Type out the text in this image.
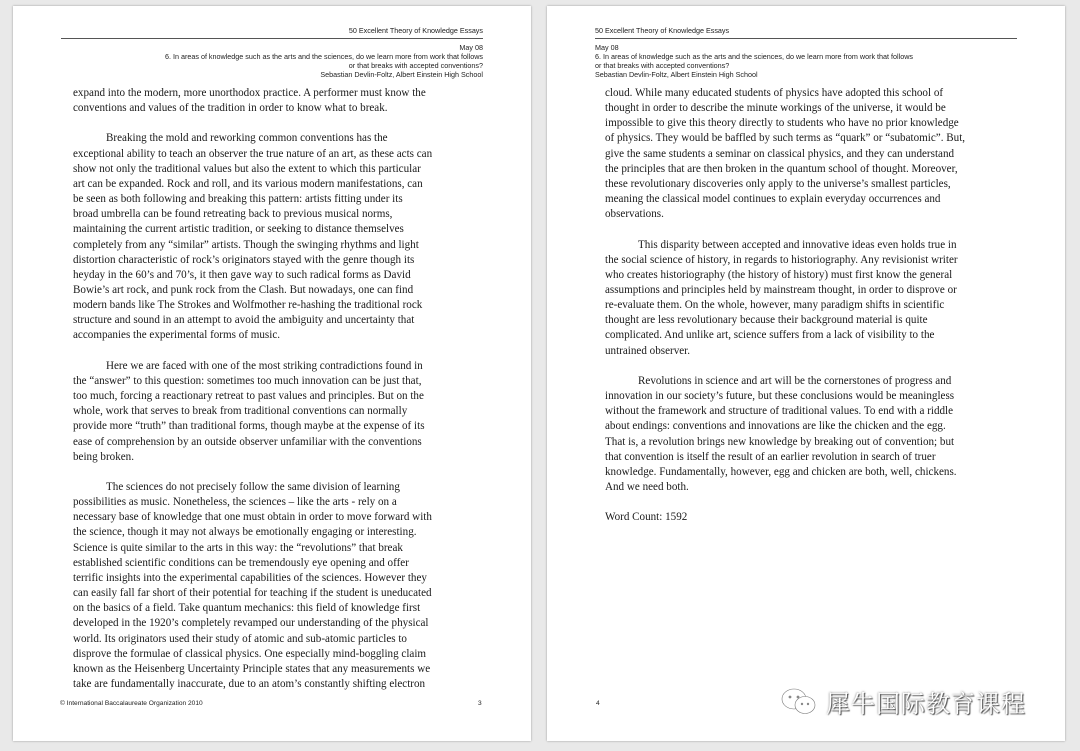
50 Excellent Theory of Knowledge Essays
May 08
6. In areas of knowledge such as the arts and the sciences, do we learn more from work that follows
or that breaks with accepted conventions?
Sebastian Devlin-Foltz, Albert Einstein High School

expand into the modern, more unorthodox practice. A performer must know the
conventions and values of the tradition in order to know what to break.

Breaking the mold and reworking common conventions has the
exceptional ability to teach an observer the true nature of an art, as these acts can
show not only the traditional values but also the extent to which this particular
art can be expanded. Rock and roll, and its various modern manifestations, can
be seen as both following and breaking this pattern: artists fitting under its
broad umbrella can be found retreating back to previous musical norms,
maintaining the current artistic tradition, or seeking to distance themselves
completely from any “similar” artists. Though the swinging rhythms and light
distortion characteristic of rock’s originators stayed with the genre though its
heyday in the 60’s and 70’s, it then gave way to such radical forms as David
Bowie’s art rock, and punk rock from the Clash. But nowadays, one can find
modern bands like The Strokes and Wolfmother re-hashing the traditional rock
structure and sound in an attempt to avoid the ambiguity and uncertainty that
accompanies the experimental forms of music.

Here we are faced with one of the most striking contradictions found in
the “answer” to this question: sometimes too much innovation can be just that,
too much, forcing a reactionary retreat to past values and principles. But on the
whole, work that serves to break from traditional conventions can normally
provide more “truth” than traditional forms, though maybe at the expense of its
ease of comprehension by an outside observer unfamiliar with the conventions
being broken.

The sciences do not precisely follow the same division of learning
possibilities as music. Nonetheless, the sciences – like the arts - rely on a
necessary base of knowledge that one must obtain in order to move forward with
the science, though it may not always be emotionally engaging or interesting.
Science is quite similar to the arts in this way: the “revolutions” that break
established scientific conditions can be tremendously eye opening and offer
terrific insights into the experimental capabilities of the sciences. However they
can easily fall far short of their potential for teaching if the student is uneducated
on the basics of a field. Take quantum mechanics: this field of knowledge first
developed in the 1920’s completely revamped our understanding of the physical
world. Its originators used their study of atomic and sub-atomic particles to
disprove the formulae of classical physics. One especially mind-boggling claim
known as the Heisenberg Uncertainty Principle states that any measurements we
take are fundamentally inaccurate, due to an atom’s constantly shifting electron

© International Baccalaureate Organization 2010	3
50 Excellent Theory of Knowledge Essays
May 08
6. In areas of knowledge such as the arts and the sciences, do we learn more from work that follows
or that breaks with accepted conventions?
Sebastian Devlin-Foltz, Albert Einstein High School

cloud. While many educated students of physics have adopted this school of
thought in order to describe the minute workings of the universe, it would be
impossible to give this theory directly to students who have no prior knowledge
of physics. They would be baffled by such terms as “quark” or “subatomic”. But,
give the same students a seminar on classical physics, and they can understand
the principles that are then broken in the quantum school of thought. Moreover,
these revolutionary discoveries only apply to the universe’s smallest particles,
meaning the classical model continues to explain everyday occurrences and
observations.

This disparity between accepted and innovative ideas even holds true in
the social science of history, in regards to historiography. Any revisionist writer
who creates historiography (the history of history) must first know the general
assumptions and principles held by mainstream thought, in order to disprove or
re-evaluate them. On the whole, however, many paradigm shifts in scientific
thought are less revolutionary because their background material is quite
complicated. And unlike art, science suffers from a lack of visibility to the
untrained observer.

Revolutions in science and art will be the cornerstones of progress and
innovation in our society’s future, but these conclusions would be meaningless
without the framework and structure of traditional values. To end with a riddle
about endings: conventions and innovations are like the chicken and the egg.
That is, a revolution brings new knowledge by breaking out of convention; but
that convention is itself the result of an earlier revolution in search of truer
knowledge. Fundamentally, however, egg and chicken are both, well, chickens.
And we need both.

Word Count: 1592

4	犀牛国际教育课程
